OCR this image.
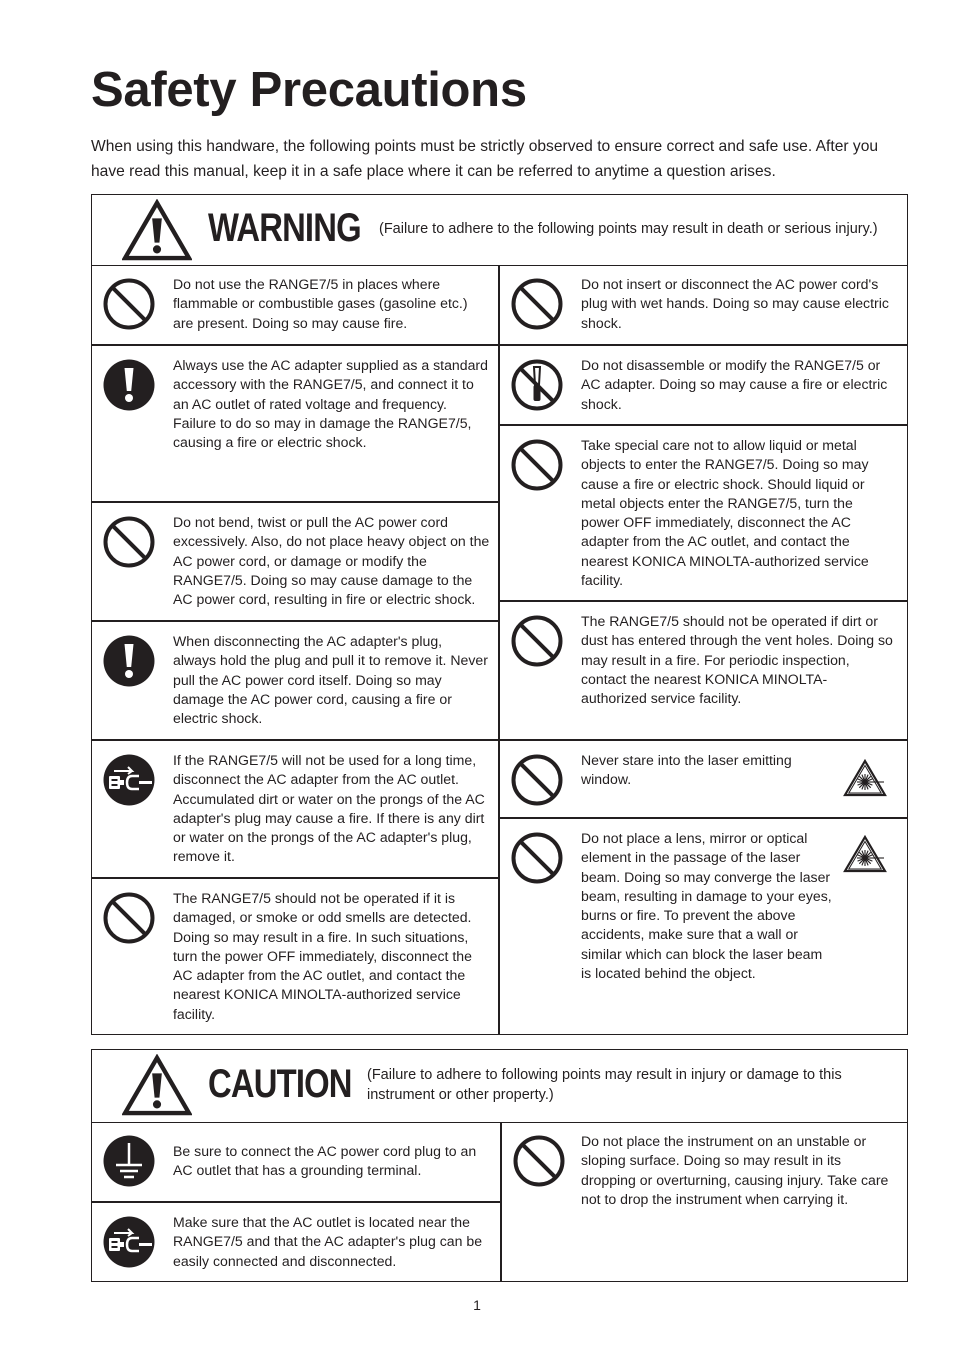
Safety Precautions

When using this handware, the following points must be strictly observed to ensure correct and safe use. After you have read this manual, keep it in a safe place where it can be referred to anytime a question arises.

WARNING (Failure to adhere to the following points may result in death or serious injury.)
Do not use the RANGE7/5 in places where flammable or combustible gases (gasoline etc.) are present. Doing so may cause fire.
Always use the AC adapter supplied as a standard accessory with the RANGE7/5, and connect it to an AC outlet of rated voltage and frequency. Failure to do so may in damage the RANGE7/5, causing a fire or electric shock.
Do not bend, twist or pull the AC power cord excessively. Also, do not place heavy object on the AC power cord, or damage or modify the RANGE7/5. Doing so may cause damage to the AC power cord, resulting in fire or electric shock.
When disconnecting the AC adapter's plug, always hold the plug and pull it to remove it. Never pull the AC power cord itself. Doing so may damage the AC power cord, causing a fire or electric shock.
If the RANGE7/5 will not be used for a long time, disconnect the AC adapter from the AC outlet. Accumulated dirt or water on the prongs of the AC adapter's plug may cause a fire. If there is any dirt or water on the prongs of the AC adapter's plug, remove it.
The RANGE7/5 should not be operated if it is damaged, or smoke or odd smells are detected. Doing so may result in a fire. In such situations, turn the power OFF immediately, disconnect the AC adapter from the AC outlet, and contact the nearest KONICA MINOLTA-authorized service facility.
Do not insert or disconnect the AC power cord's plug with wet hands. Doing so may cause electric shock.
Do not disassemble or modify the RANGE7/5 or AC adapter. Doing so may cause a fire or electric shock.
Take special care not to allow liquid or metal objects to enter the RANGE7/5. Doing so may cause a fire or electric shock. Should liquid or metal objects enter the RANGE7/5, turn the power OFF immediately, disconnect the AC adapter from the AC outlet, and contact the nearest KONICA MINOLTA-authorized service facility.
The RANGE7/5 should not be operated if dirt or dust has entered through the vent holes. Doing so may result in a fire. For periodic inspection, contact the nearest KONICA MINOLTA-authorized service facility.
Never stare into the laser emitting window.
Do not place a lens, mirror or optical element in the passage of the laser beam. Doing so may converge the laser beam, resulting in damage to your eyes, burns or fire. To prevent the above accidents, make sure that a wall or similar which can block the laser beam is located behind the object.
CAUTION (Failure to adhere to following points may result in injury or damage to this instrument or other property.)
Be sure to connect the AC power cord plug to an AC outlet that has a grounding terminal.
Make sure that the AC outlet is located near the RANGE7/5 and that the AC adapter's plug can be easily connected and disconnected.
Do not place the instrument on an unstable or sloping surface. Doing so may result in its dropping or overturning, causing injury. Take care not to drop the instrument when carrying it.
1
